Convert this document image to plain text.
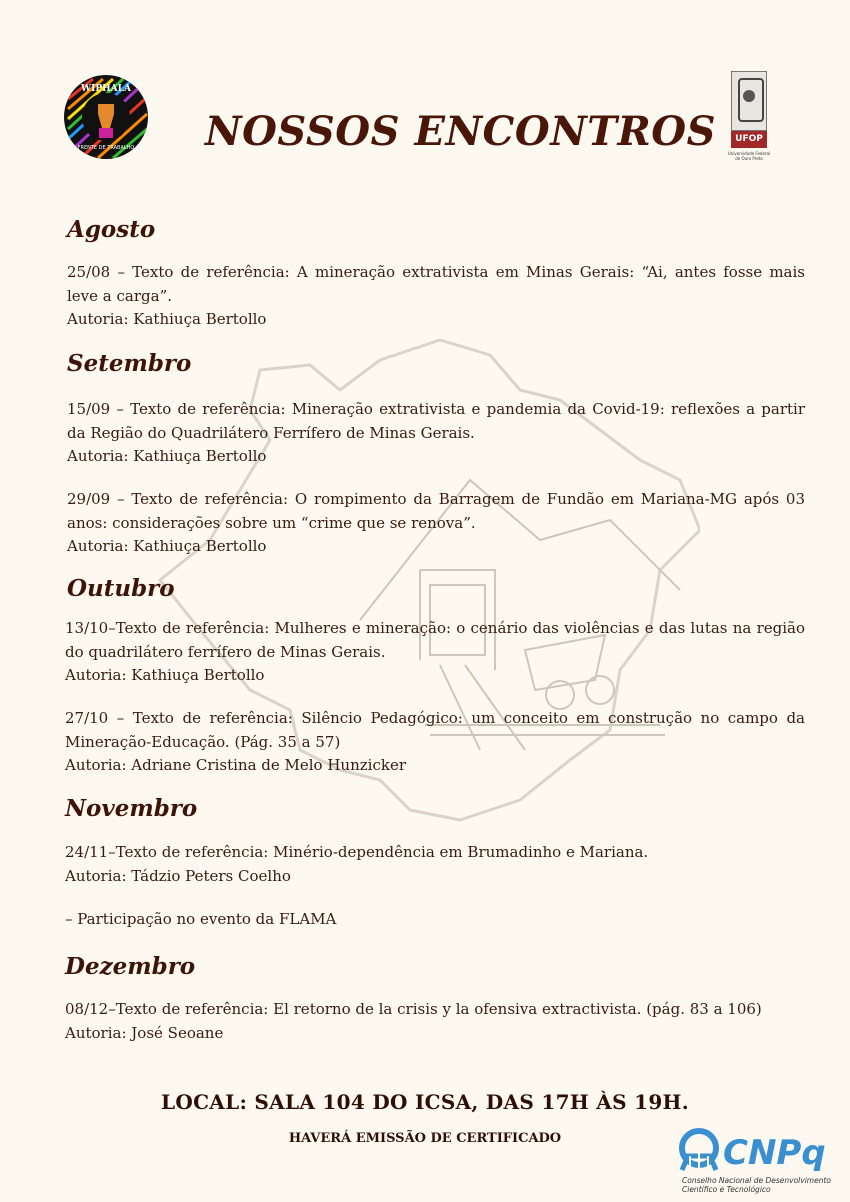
WIPHALA
FRENTE DE TRABALHO NOSSOS ENCONTROS	UFOP
Universidade Federal de Ouro Preto
Agosto

25/08 – Texto de referência: A mineração extrativista em Minas Gerais: “Ai, antes fosse mais leve a carga”.

Autoria: Kathiuça Bertollo

Setembro

15/09 – Texto de referência: Mineração extrativista e pandemia da Covid-19: reflexões a partir da Região do Quadrilátero Ferrífero de Minas Gerais.

Autoria: Kathiuça Bertollo

29/09 – Texto de referência: O rompimento da Barragem de Fundão em Mariana-MG após 03 anos: considerações sobre um “crime que se renova”.

Autoria: Kathiuça Bertollo

Outubro

13/10–Texto de referência: Mulheres e mineração: o cenário das violências e das lutas na região do quadrilátero ferrífero de Minas Gerais.

Autoria: Kathiuça Bertollo

27/10 – Texto de referência: Silêncio Pedagógico: um conceito em construção no campo da Mineração-Educação. (Pág. 35 a 57)

Autoria: Adriane Cristina de Melo Hunzicker

Novembro

24/11–Texto de referência: Minério-dependência em Brumadinho e Mariana.

Autoria: Tádzio Peters Coelho

– Participação no evento da FLAMA

Dezembro

08/12–Texto de referência: El retorno de la crisis y la ofensiva extractivista. (pág. 83 a 106)

Autoria: José Seoane

LOCAL: SALA 104 DO ICSA, DAS 17H ÀS 19H.
HAVERÁ EMISSÃO DE CERTIFICADO	CNPq
Conselho Nacional de Desenvolvimento Científico e Tecnológico
